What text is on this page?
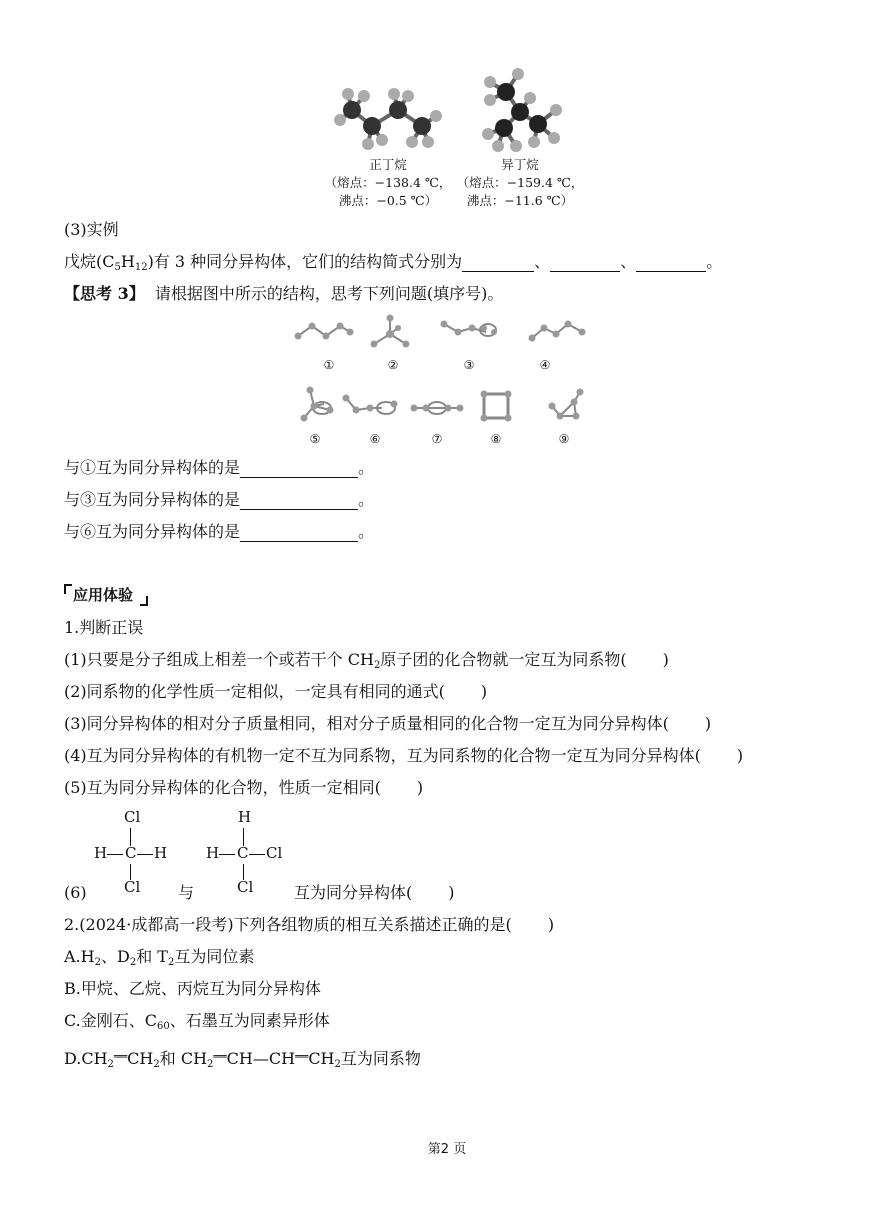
正丁烷
（熔点：−138.4 ℃，
沸点：−0.5 ℃）
异丁烷
（熔点：−159.4 ℃，
沸点：−11.6 ℃）
(3)实例
戊烷$(C_5H_{12})$有 3 种同分异构体，它们的结构简式分别为	、	、	。
【思考 3】 请根据图中所示的结构，思考下列问题(填序号)。
①	②	③	④
⑤	⑥	⑦	⑧	⑨
与①互为同分异构体的是	。
与③互为同分异构体的是	。
与⑥互为同分异构体的是	。
应用体验
1.判断正误
(1)只要是分子组成上相差一个或若干个 $CH_2$原子团的化合物就一定互为同系物( )
(2)同系物的化学性质一定相似，一定具有相同的通式( )
(3)同分异构体的相对分子质量相同，相对分子质量相同的化合物一定互为同分异构体( )
(4)互为同分异构体的有机物一定不互为同系物，互为同系物的化合物一定互为同分异构体( )
(5)互为同分异构体的化合物，性质一定相同( )
Cl
H C H
Cl
H
H C Cl
Cl
(6)	与	互为同分异构体( )
2.(2024·成都高一段考)下列各组物质的相互关系描述正确的是( )
$A.H_2$、$D_2$和 $T_2$互为同位素
B.甲烷、乙烷、丙烷互为同分异构体
C.金刚石、$C_{60}$、石墨互为同素异形体
$D.CH_2^{══}CH_2$和 $CH_2^{══}CH—CH^{══}CH_2$互为同系物
第2 页
